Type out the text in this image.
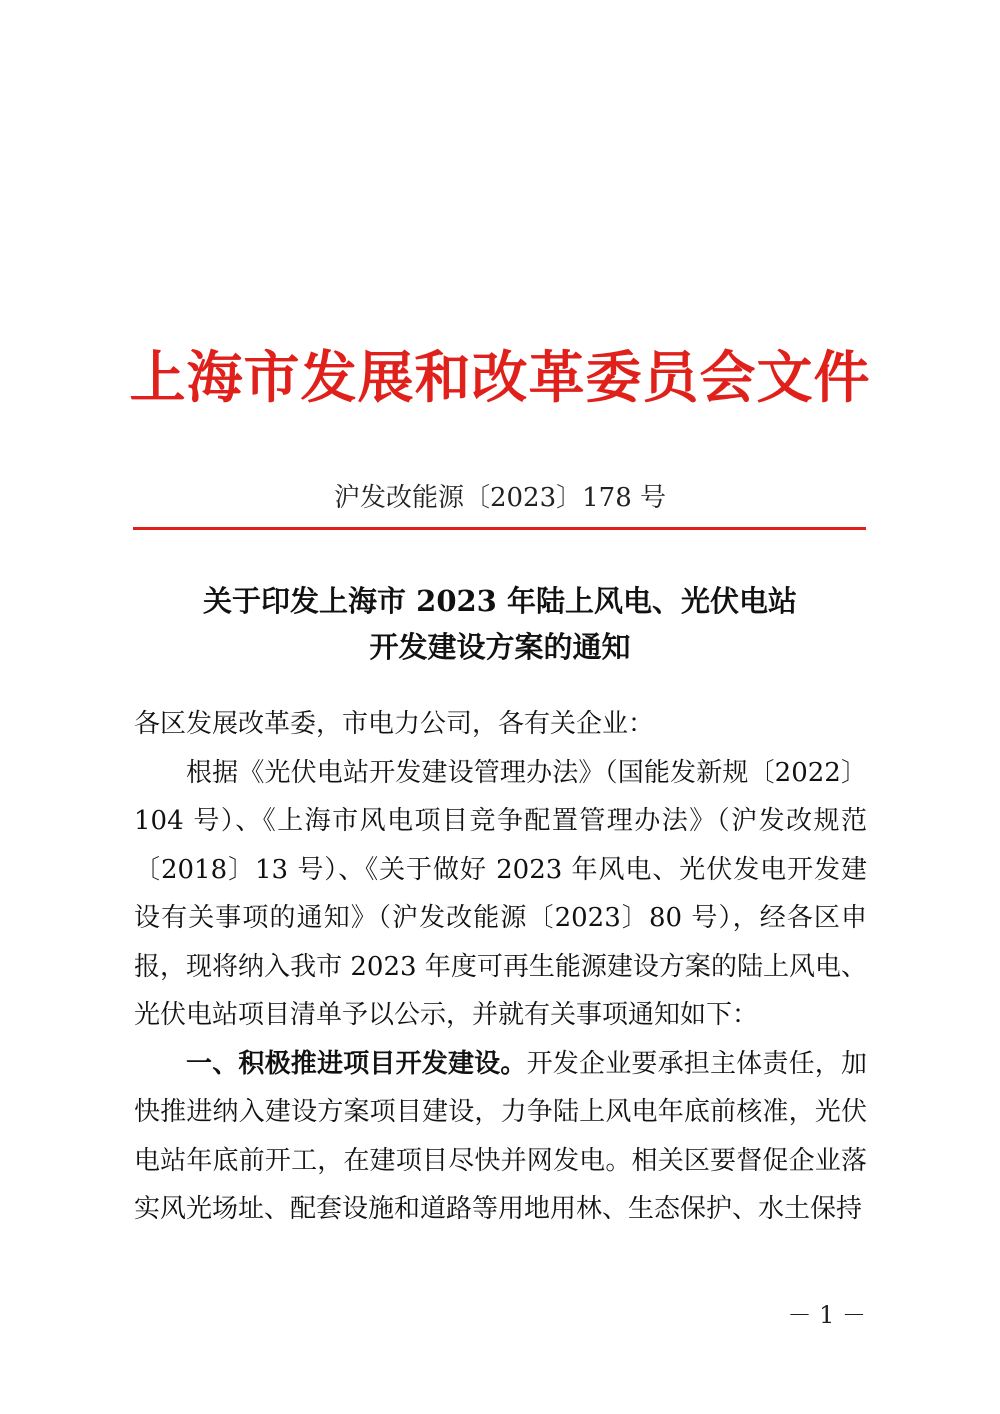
上海市发展和改革委员会文件
沪发改能源〔2023〕178 号
关于印发上海市 2023 年陆上风电、光伏电站
开发建设方案的通知

各区发展改革委，市电力公司，各有关企业：

根据《光伏电站开发建设管理办法》（国能发新规〔2022〕104 号）、《上海市风电项目竞争配置管理办法》（沪发改规范〔2018〕13 号）、《关于做好 2023 年风电、光伏发电开发建设有关事项的通知》（沪发改能源〔2023〕80 号），经各区申报，现将纳入我市 2023 年度可再生能源建设方案的陆上风电、光伏电站项目清单予以公示，并就有关事项通知如下：

一、积极推进项目开发建设。开发企业要承担主体责任，加快推进纳入建设方案项目建设，力争陆上风电年底前核准，光伏电站年底前开工，在建项目尽快并网发电。相关区要督促企业落实风光场址、配套设施和道路等用地用林、生态保护、水土保持

－ 1 －
